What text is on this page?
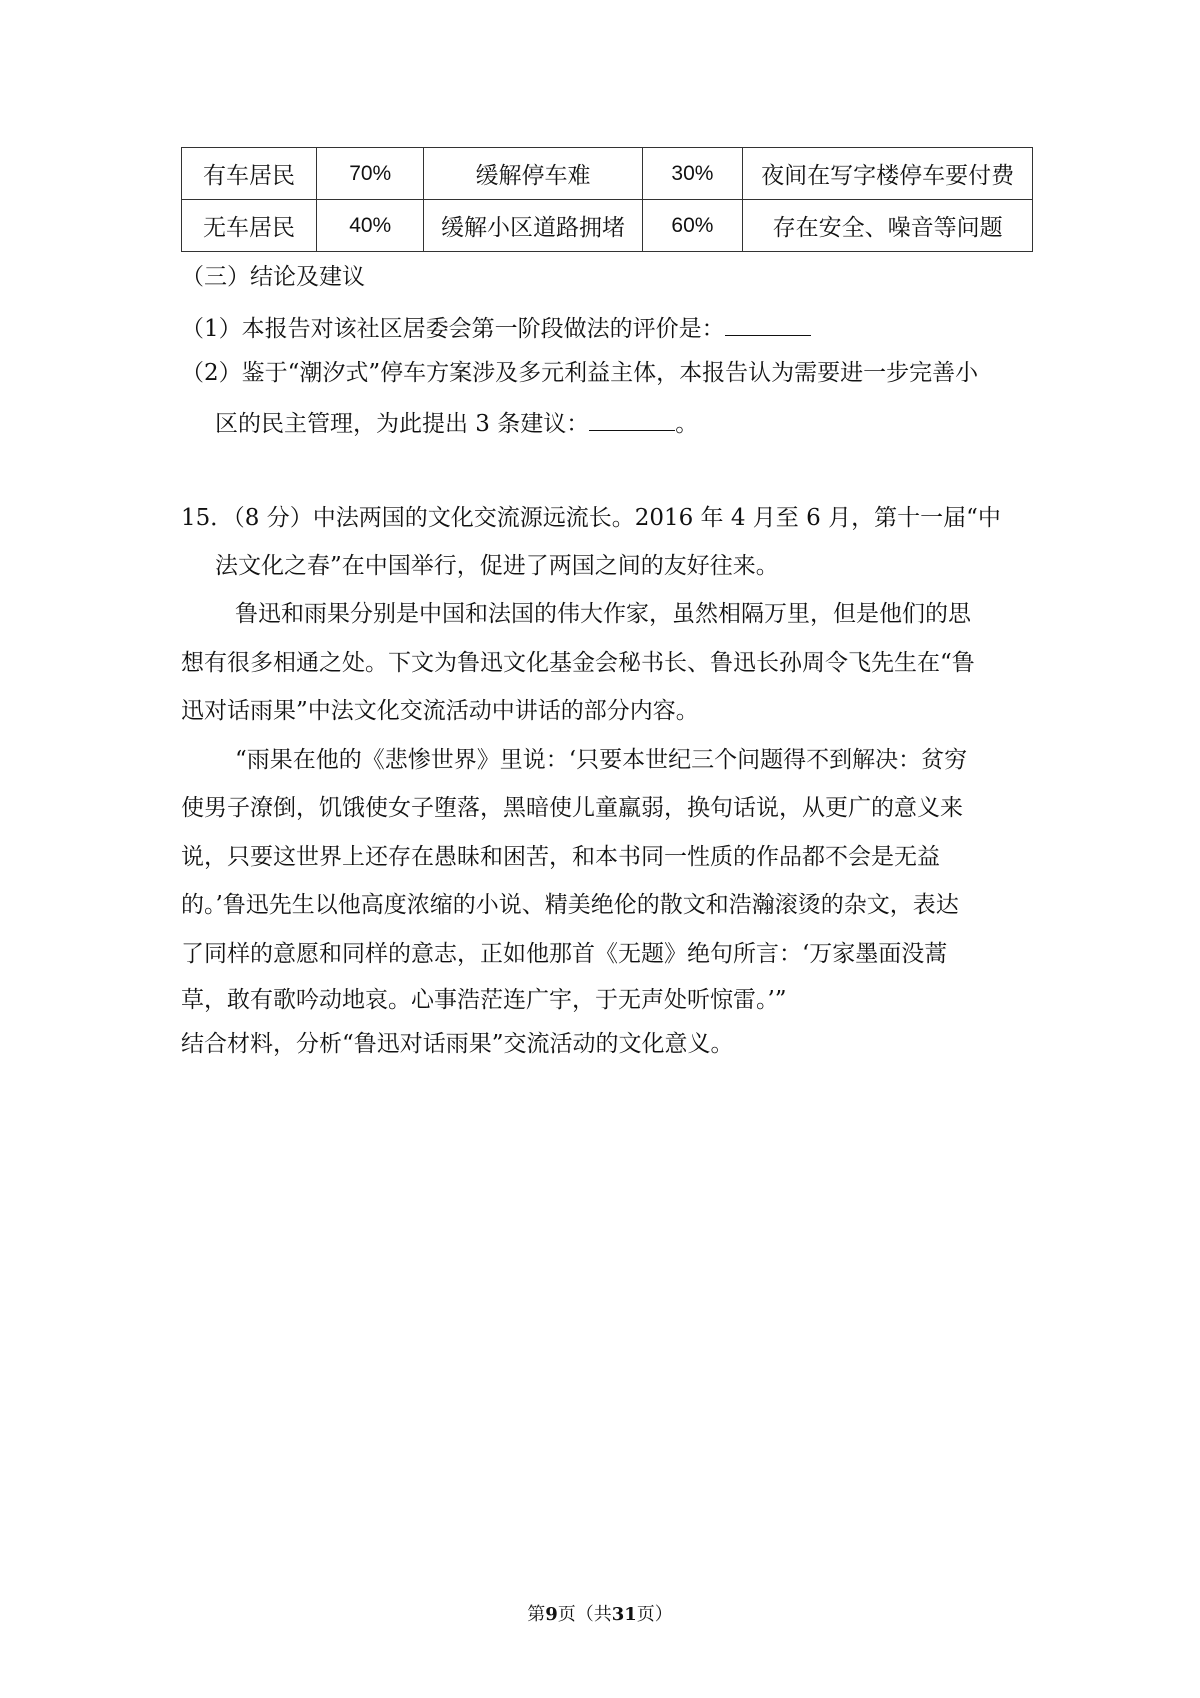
有车居民	70%	缓解停车难	30%	夜间在写字楼停车要付费
无车居民	40%	缓解小区道路拥堵	60%	存在安全、噪音等问题
（三）结论及建议
（1）本报告对该社区居委会第一阶段做法的评价是：
（2）鉴于“潮汐式”停车方案涉及多元利益主体，本报告认为需要进一步完善小
区的民主管理，为此提出 3 条建议：	。
15．（8 分）中法两国的文化交流源远流长。2016 年 4 月至 6 月，第十一届“中
法文化之春”在中国举行，促进了两国之间的友好往来。
鲁迅和雨果分别是中国和法国的伟大作家，虽然相隔万里，但是他们的思
想有很多相通之处。下文为鲁迅文化基金会秘书长、鲁迅长孙周令飞先生在“鲁
迅对话雨果”中法文化交流活动中讲话的部分内容。
“雨果在他的《悲惨世界》里说：‘只要本世纪三个问题得不到解决：贫穷
使男子潦倒，饥饿使女子堕落，黑暗使儿童羸弱，换句话说，从更广的意义来
说，只要这世界上还存在愚昧和困苦，和本书同一性质的作品都不会是无益
的。’鲁迅先生以他高度浓缩的小说、精美绝伦的散文和浩瀚滚烫的杂文，表达
了同样的意愿和同样的意志，正如他那首《无题》绝句所言：‘万家墨面没蒿
草，敢有歌吟动地哀。心事浩茫连广宇，于无声处听惊雷。’”
结合材料，分析“鲁迅对话雨果”交流活动的文化意义。
第9页（共31页）
